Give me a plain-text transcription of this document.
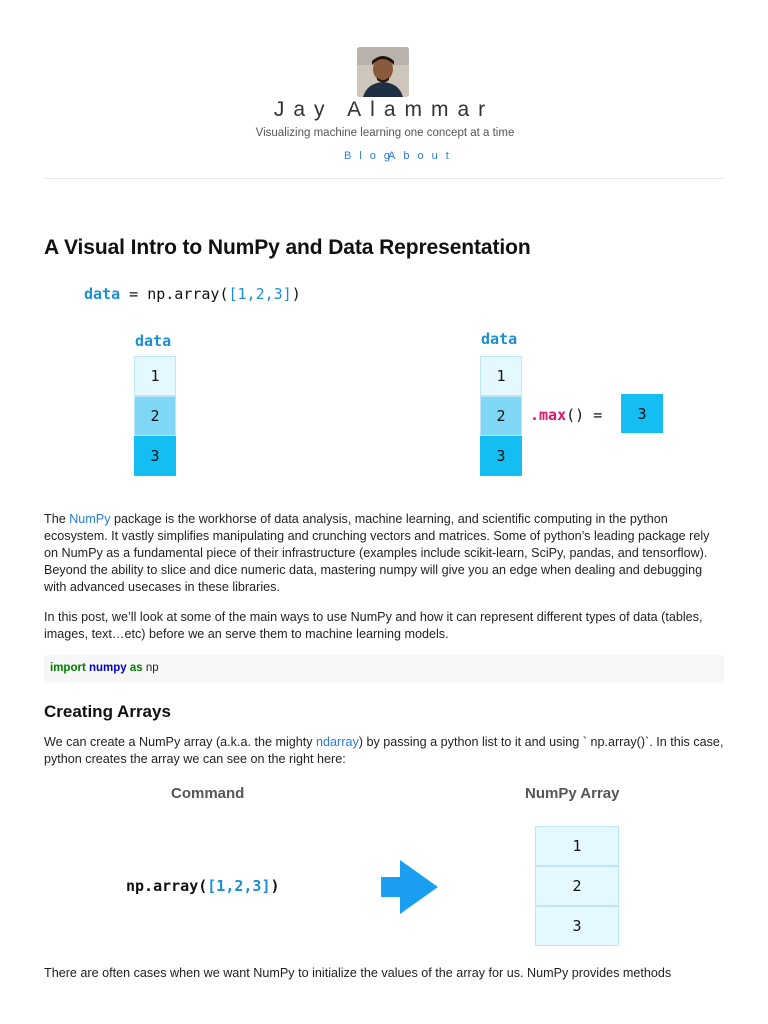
Jay Alammar
Visualizing machine learning one concept at a time
Blog
About
A Visual Intro to NumPy and Data Representation
data = np.array([1,2,3])
data
1
2
3
data
1
2
3
.max() =	3

The NumPy package is the workhorse of data analysis, machine learning, and scientific computing in the python ecosystem. It vastly simplifies manipulating and crunching vectors and matrices. Some of python’s leading package rely on NumPy as a fundamental piece of their infrastructure (examples include scikit-learn, SciPy, pandas, and tensorflow). Beyond the ability to slice and dice numeric data, mastering numpy will give you an edge when dealing and debugging with advanced usecases in these libraries.

In this post, we’ll look at some of the main ways to use NumPy and how it can represent different types of data (tables, images, text…etc) before we an serve them to machine learning models.

import numpy as np
Creating Arrays

We can create a NumPy array (a.k.a. the mighty ndarray) by passing a python list to it and using ` np.array()`. In this case, python creates the array we can see on the right here:

Command	NumPy Array
np.array([1,2,3])
1
2
3

There are often cases when we want NumPy to initialize the values of the array for us. NumPy provides methods
